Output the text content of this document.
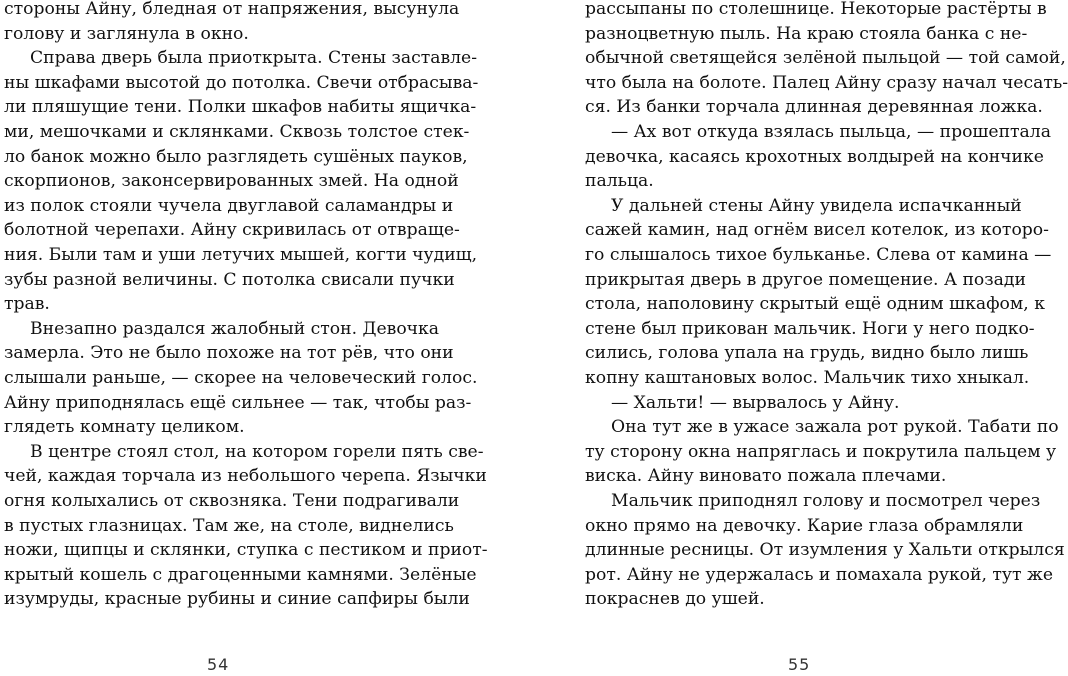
стороны Айну, бледная от напряжения, высунула
голову и заглянула в окно.
Справа дверь была приоткрыта. Стены заставле-
ны шкафами высотой до потолка. Свечи отбрасыва-
ли пляшущие тени. Полки шкафов набиты ящичка-
ми, мешочками и склянками. Сквозь толстое стек-
ло банок можно было разглядеть сушёных пауков,
скорпионов, законсервированных змей. На одной
из полок стояли чучела двуглавой саламандры и
болотной черепахи. Айну скривилась от отвраще-
ния. Были там и уши летучих мышей, когти чудищ,
зубы разной величины. С потолка свисали пучки
трав.
Внезапно раздался жалобный стон. Девочка
замерла. Это не было похоже на тот рёв, что они
слышали раньше, — скорее на человеческий голос.
Айну приподнялась ещё сильнее — так, чтобы раз-
глядеть комнату целиком.
В центре стоял стол, на котором горели пять све-
чей, каждая торчала из небольшого черепа. Язычки
огня колыхались от сквозняка. Тени подрагивали
в пустых глазницах. Там же, на столе, виднелись
ножи, щипцы и склянки, ступка с пестиком и приот-
крытый кошель с драгоценными камнями. Зелёные
изумруды, красные рубины и синие сапфиры были
рассыпаны по столешнице. Некоторые растёрты в
разноцветную пыль. На краю стояла банка с не-
обычной светящейся зелёной пыльцой — той самой,
что была на болоте. Палец Айну сразу начал чесать-
ся. Из банки торчала длинная деревянная ложка.
— Ах вот откуда взялась пыльца, — прошептала
девочка, касаясь крохотных волдырей на кончике
пальца.
У дальней стены Айну увидела испачканный
сажей камин, над огнём висел котелок, из которо-
го слышалось тихое бульканье. Слева от камина —
прикрытая дверь в другое помещение. А позади
стола, наполовину скрытый ещё одним шкафом, к
стене был прикован мальчик. Ноги у него подко-
сились, голова упала на грудь, видно было лишь
копну каштановых волос. Мальчик тихо хныкал.
— Хальти! — вырвалось у Айну.
Она тут же в ужасе зажала рот рукой. Табати по
ту сторону окна напряглась и покрутила пальцем у
виска. Айну виновато пожала плечами.
Мальчик приподнял голову и посмотрел через
окно прямо на девочку. Карие глаза обрамляли
длинные ресницы. От изумления у Хальти открылся
рот. Айну не удержалась и помахала рукой, тут же
покраснев до ушей.
54	55
